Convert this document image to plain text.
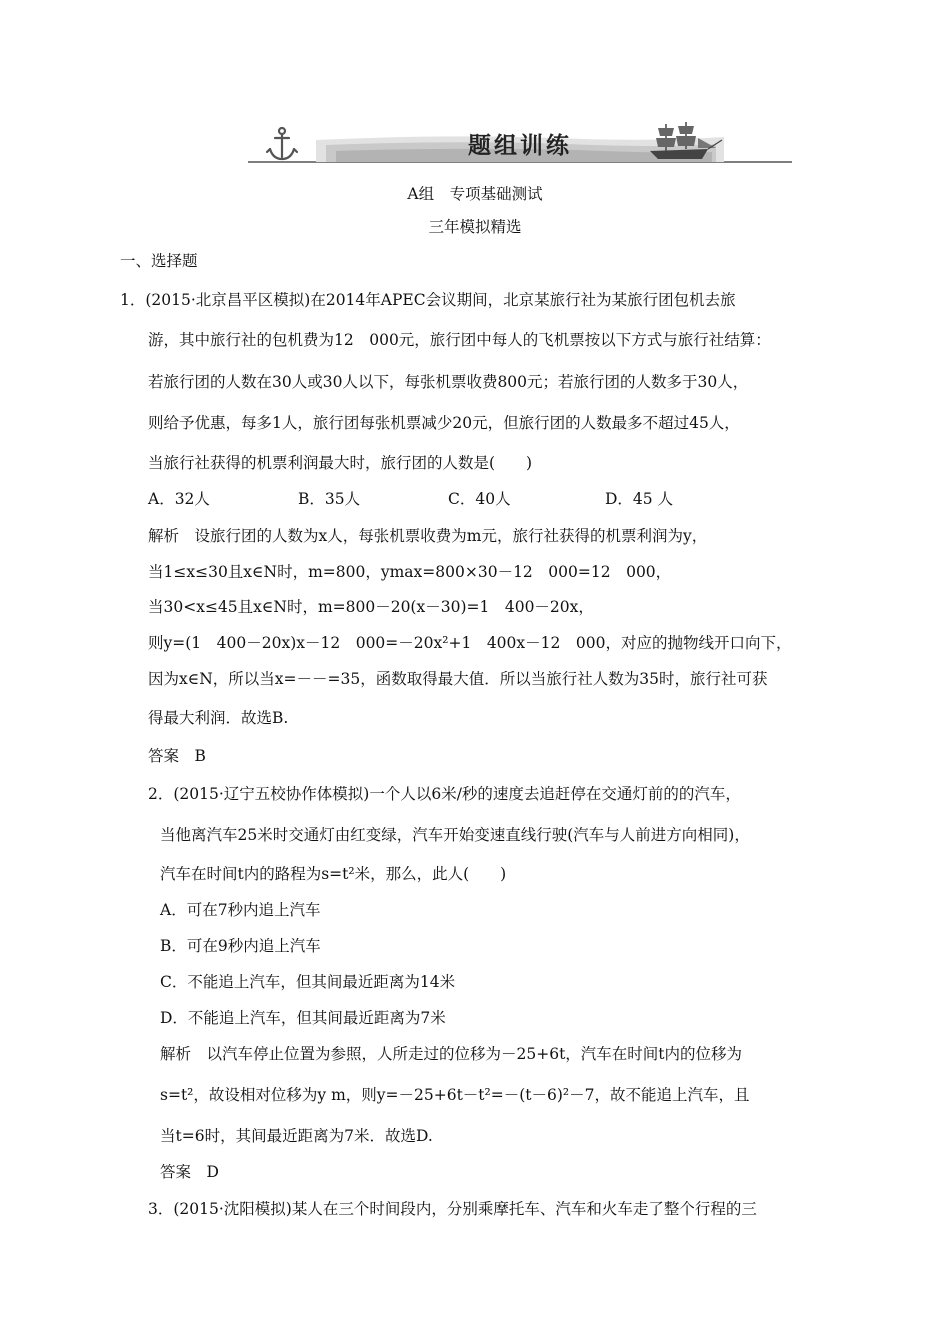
题组训练
A组　专项基础测试
三年模拟精选
一、选择题
1．(2015·北京昌平区模拟)在2014年APEC会议期间，北京某旅行社为某旅行团包机去旅
游，其中旅行社的包机费为12　000元，旅行团中每人的飞机票按以下方式与旅行社结算：
若旅行团的人数在30人或30人以下，每张机票收费800元；若旅行团的人数多于30人，
则给予优惠，每多1人，旅行团每张机票减少20元，但旅行团的人数最多不超过45人，
当旅行社获得的机票利润最大时，旅行团的人数是(　　)
A．32人	B．35人	C．40人	D．45 人
解析　设旅行团的人数为x人，每张机票收费为m元，旅行社获得的机票利润为y，
当1≤x≤30且x∈N时，m=800，ymax=800×30－12　000=12　000，
当30<x≤45且x∈N时，m=800－20(x－30)=1　400－20x，
则y=(1　400－20x)x－12　000=－20x²+1　400x－12　000，对应的抛物线开口向下，
因为x∈N，所以当x=－－=35，函数取得最大值．所以当旅行社人数为35时，旅行社可获
得最大利润．故选B.
答案　B
2．(2015·辽宁五校协作体模拟)一个人以6米/秒的速度去追赶停在交通灯前的的汽车，
当他离汽车25米时交通灯由红变绿，汽车开始变速直线行驶(汽车与人前进方向相同)，
汽车在时间t内的路程为s=t²米，那么，此人(　　)
A．可在7秒内追上汽车
B．可在9秒内追上汽车
C．不能追上汽车，但其间最近距离为14米
D．不能追上汽车，但其间最近距离为7米
解析　以汽车停止位置为参照，人所走过的位移为－25+6t，汽车在时间t内的位移为
s=t²，故设相对位移为y m，则y=－25+6t－t²=－(t－6)²－7，故不能追上汽车，且
当t=6时，其间最近距离为7米．故选D.
答案　D
3．(2015·沈阳模拟)某人在三个时间段内，分别乘摩托车、汽车和火车走了整个行程的三
